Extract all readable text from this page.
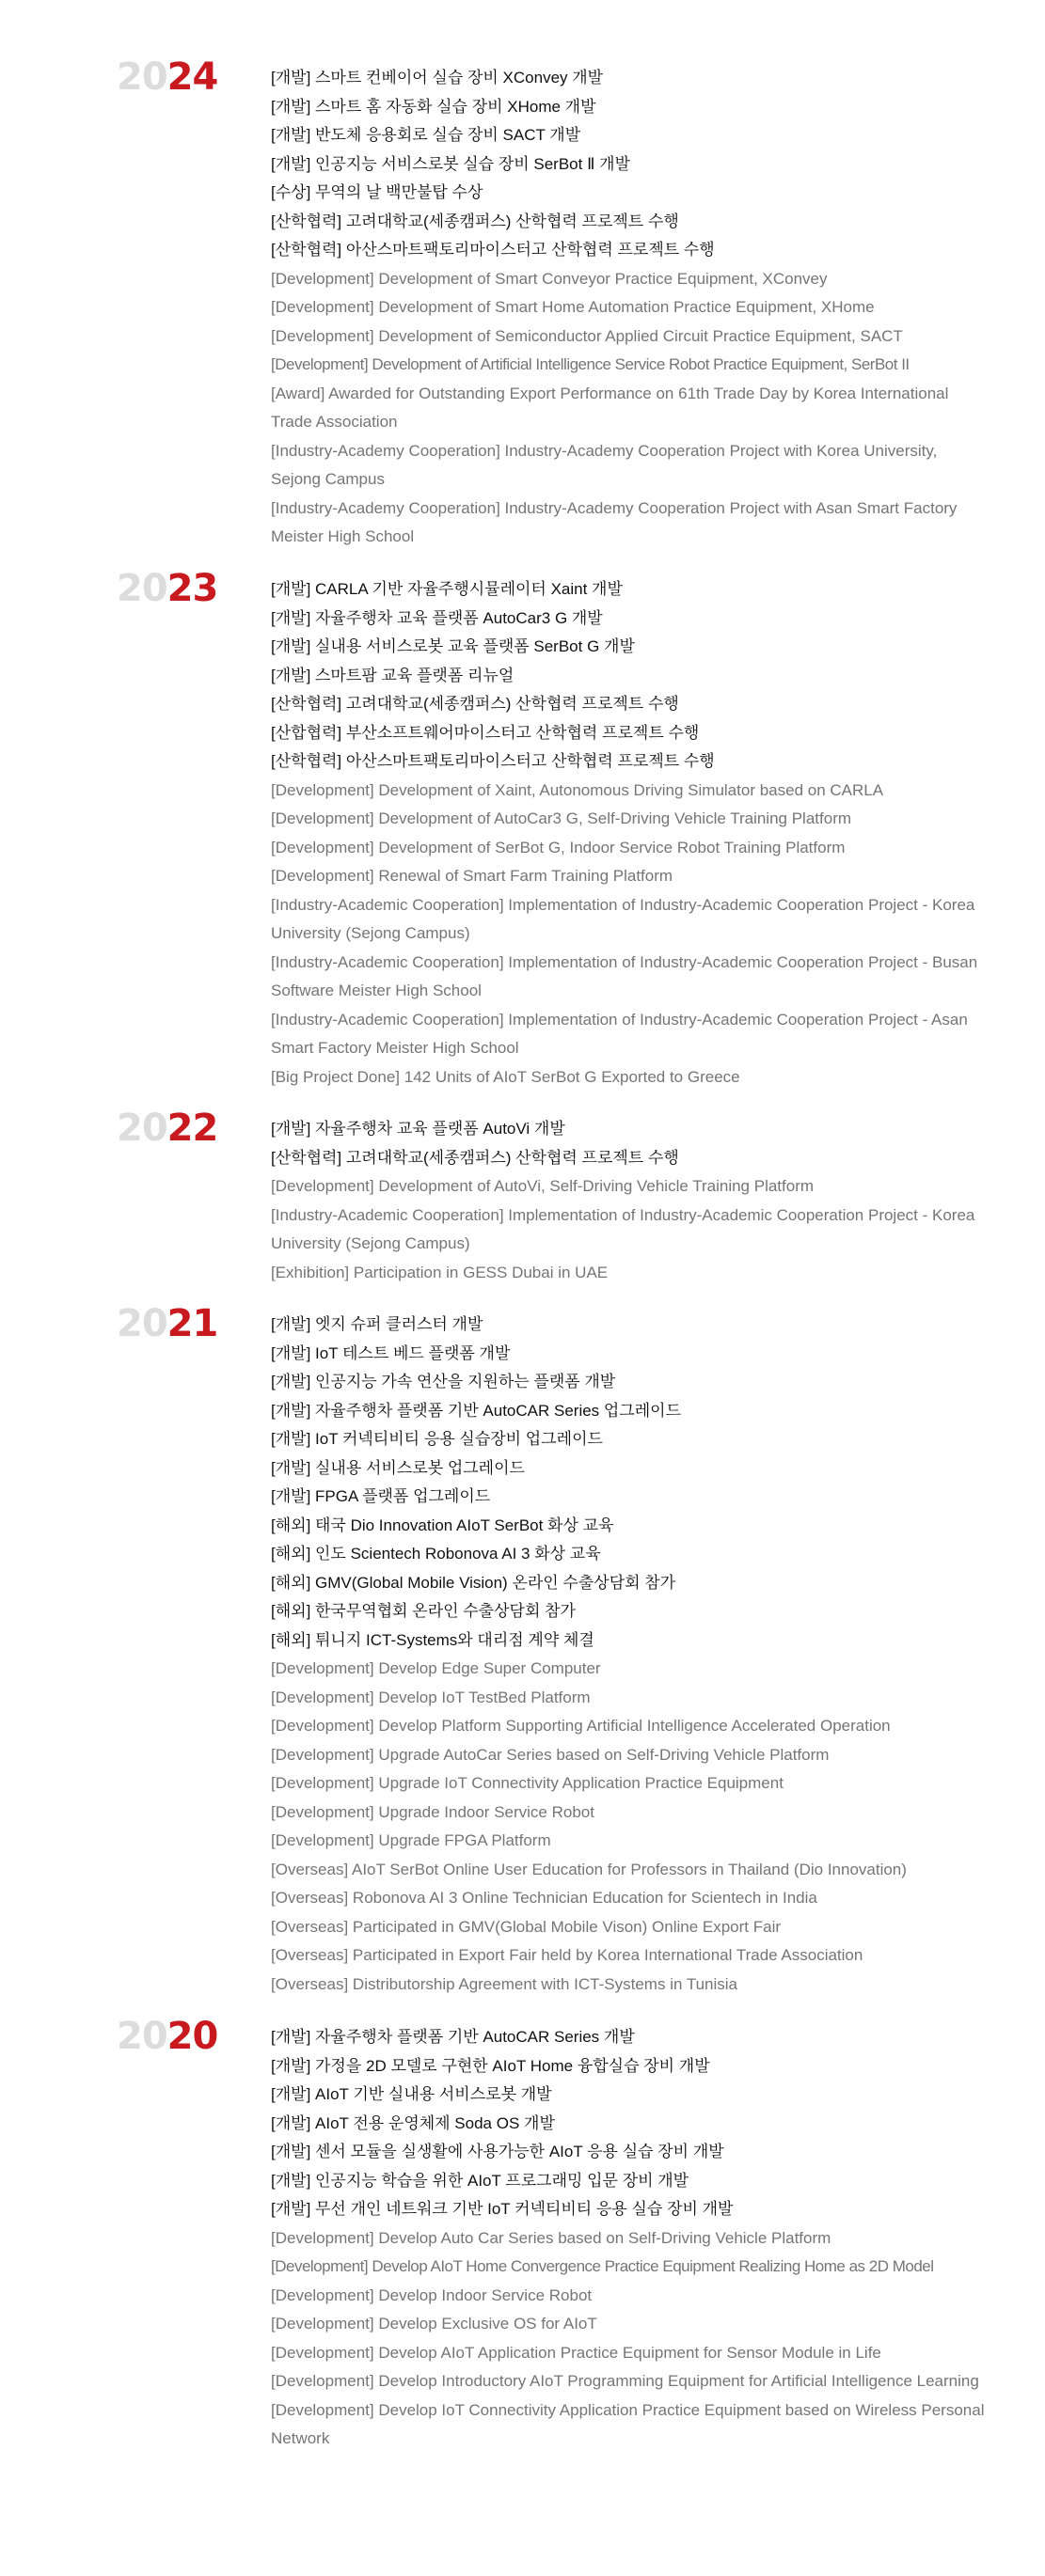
2024	[개발] 스마트 컨베이어 실습 장비 XConvey 개발
[개발] 스마트 홈 자동화 실습 장비 XHome 개발
[개발] 반도체 응용회로 실습 장비 SACT 개발
[개발] 인공지능 서비스로봇 실습 장비 SerBot Ⅱ 개발
[수상] 무역의 날 백만불탑 수상
[산학협력] 고려대학교(세종캠퍼스) 산학협력 프로젝트 수행
[산학협력] 아산스마트팩토리마이스터고 산학협력 프로젝트 수행
[Development] Development of Smart Conveyor Practice Equipment, XConvey
[Development] Development of Smart Home Automation Practice Equipment, XHome
[Development] Development of Semiconductor Applied Circuit Practice Equipment, SACT
[Development] Development of Artificial Intelligence Service Robot Practice Equipment, SerBot II
[Award] Awarded for Outstanding Export Performance on 61th Trade Day by Korea International Trade Association
[Industry-Academy Cooperation] Industry-Academy Cooperation Project with Korea University, Sejong Campus
[Industry-Academy Cooperation] Industry-Academy Cooperation Project with Asan Smart Factory Meister High School
2023	[개발] CARLA 기반 자율주행시뮬레이터 Xaint 개발
[개발] 자율주행차 교육 플랫폼 AutoCar3 G 개발
[개발] 실내용 서비스로봇 교육 플랫폼 SerBot G 개발
[개발] 스마트팜 교육 플랫폼 리뉴얼
[산학협력] 고려대학교(세종캠퍼스) 산학협력 프로젝트 수행
[산합협력] 부산소프트웨어마이스터고 산학협력 프로젝트 수행
[산학협력] 아산스마트팩토리마이스터고 산학협력 프로젝트 수행
[Development] Development of Xaint, Autonomous Driving Simulator based on CARLA
[Development] Development of AutoCar3 G, Self-Driving Vehicle Training Platform
[Development] Development of SerBot G, Indoor Service Robot Training Platform
[Development] Renewal of Smart Farm Training Platform
[Industry-Academic Cooperation] Implementation of Industry-Academic Cooperation Project - Korea University (Sejong Campus)
[Industry-Academic Cooperation] Implementation of Industry-Academic Cooperation Project - Busan Software Meister High School
[Industry-Academic Cooperation] Implementation of Industry-Academic Cooperation Project - Asan Smart Factory Meister High School
[Big Project Done] 142 Units of AIoT SerBot G Exported to Greece
2022	[개발] 자율주행차 교육 플랫폼 AutoVi 개발
[산학협력] 고려대학교(세종캠퍼스) 산학협력 프로젝트 수행
[Development] Development of AutoVi, Self-Driving Vehicle Training Platform
[Industry-Academic Cooperation] Implementation of Industry-Academic Cooperation Project - Korea University (Sejong Campus)
[Exhibition] Participation in GESS Dubai in UAE
2021	[개발] 엣지 슈퍼 클러스터 개발
[개발] IoT 테스트 베드 플랫폼 개발
[개발] 인공지능 가속 연산을 지원하는 플랫폼 개발
[개발] 자율주행차 플랫폼 기반 AutoCAR Series 업그레이드
[개발] IoT 커넥티비티 응용 실습장비 업그레이드
[개발] 실내용 서비스로봇 업그레이드
[개발] FPGA 플랫폼 업그레이드
[해외] 태국 Dio Innovation AIoT SerBot 화상 교육
[해외] 인도 Scientech Robonova AI 3 화상 교육
[해외] GMV(Global Mobile Vision) 온라인 수출상담회 참가
[해외] 한국무역협회 온라인 수출상담회 참가
[해외] 튀니지 ICT-Systems와 대리점 계약 체결
[Development] Develop Edge Super Computer
[Development] Develop IoT TestBed Platform
[Development] Develop Platform Supporting Artificial Intelligence Accelerated Operation
[Development] Upgrade AutoCar Series based on Self-Driving Vehicle Platform
[Development] Upgrade IoT Connectivity Application Practice Equipment
[Development] Upgrade Indoor Service Robot
[Development] Upgrade FPGA Platform
[Overseas] AIoT SerBot Online User Education for Professors in Thailand (Dio Innovation)
[Overseas] Robonova AI 3 Online Technician Education for Scientech in India
[Overseas] Participated in GMV(Global Mobile Vison) Online Export Fair
[Overseas] Participated in Export Fair held by Korea International Trade Association
[Overseas] Distributorship Agreement with ICT-Systems in Tunisia
2020	[개발] 자율주행차 플랫폼 기반 AutoCAR Series 개발
[개발] 가정을 2D 모델로 구현한 AIoT Home 융합실습 장비 개발
[개발] AIoT 기반 실내용 서비스로봇 개발
[개발] AIoT 전용 운영체제 Soda OS 개발
[개발] 센서 모듈을 실생활에 사용가능한 AIoT 응용 실습 장비 개발
[개발] 인공지능 학습을 위한 AIoT 프로그래밍 입문 장비 개발
[개발] 무선 개인 네트워크 기반 IoT 커넥티비티 응용 실습 장비 개발
[Development] Develop Auto Car Series based on Self-Driving Vehicle Platform
[Development] Develop AIoT Home Convergence Practice Equipment Realizing Home as 2D Model
[Development] Develop Indoor Service Robot
[Development] Develop Exclusive OS for AIoT
[Development] Develop AIoT Application Practice Equipment for Sensor Module in Life
[Development] Develop Introductory AIoT Programming Equipment for Artificial Intelligence Learning
[Development] Develop IoT Connectivity Application Practice Equipment based on Wireless Personal Network
